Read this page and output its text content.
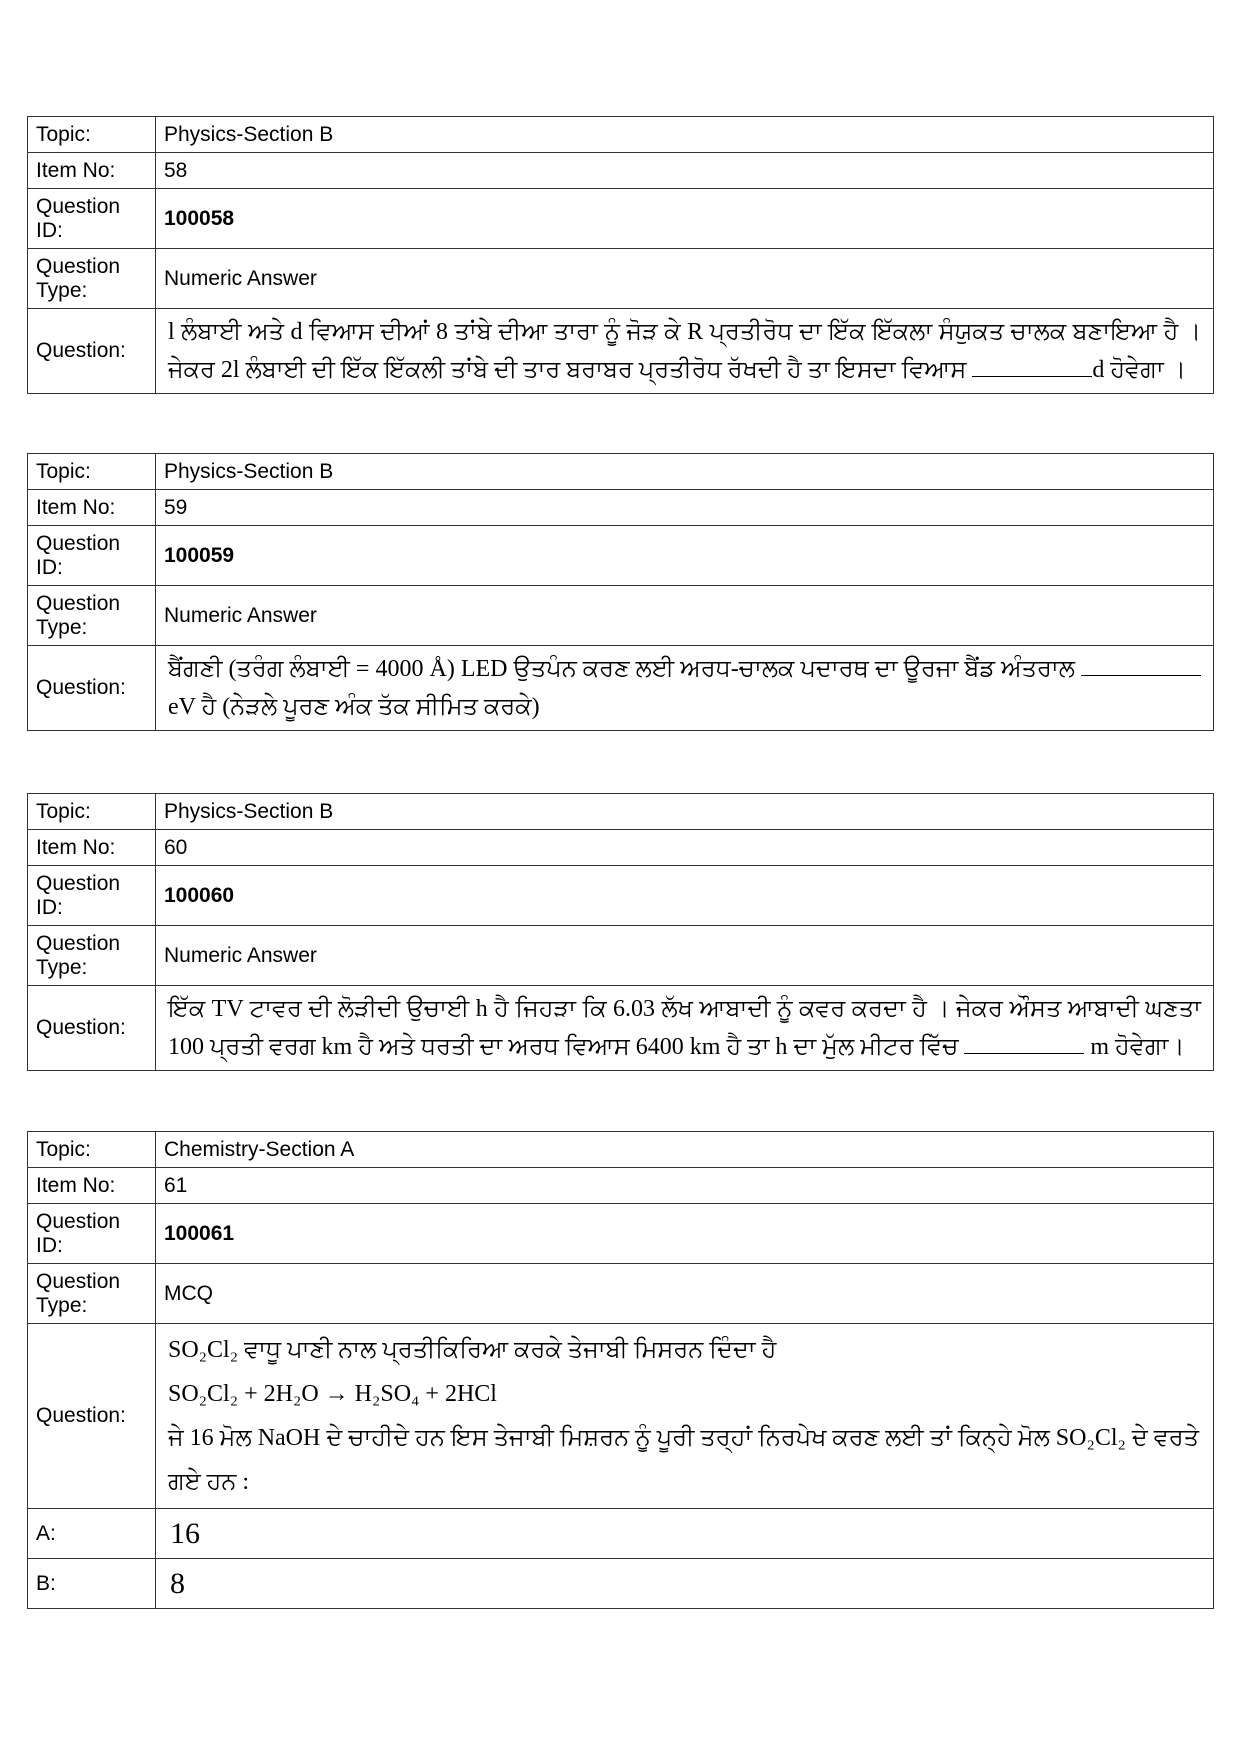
Topic:	Physics-Section B
Item No:	58
Question ID:	100058
Question Type:	Numeric Answer
Question:	l ਲੰਬਾਈ ਅਤੇ d ਵਿਆਸ ਦੀਆਂ 8 ਤਾਂਬੇ ਦੀਆ ਤਾਰਾ ਨੂੰ ਜੋੜ ਕੇ R ਪ੍ਰਤੀਰੋਧ ਦਾ ਇੱਕ ਇੱਕਲਾ ਸੰਯੁਕਤ ਚਾਲਕ ਬਣਾਇਆ ਹੈ । ਜੇਕਰ 2l ਲੰਬਾਈ ਦੀ ਇੱਕ ਇੱਕਲੀ ਤਾਂਬੇ ਦੀ ਤਾਰ ਬਰਾਬਰ ਪ੍ਰਤੀਰੋਧ ਰੱਖਦੀ ਹੈ ਤਾ ਇਸਦਾ ਵਿਆਸ d ਹੋਵੇਗਾ ।
Topic:	Physics-Section B
Item No:	59
Question ID:	100059
Question Type:	Numeric Answer
Question:	ਬੈਂਗਣੀ (ਤਰੰਗ ਲੰਬਾਈ = 4000 Å) LED ਉਤਪੰਨ ਕਰਣ ਲਈ ਅਰਧ-ਚਾਲਕ ਪਦਾਰਥ ਦਾ ਊਰਜਾ ਬੈਂਡ ਅੰਤਰਾਲ  eV ਹੈ (ਨੇੜਲੇ ਪੂਰਣ ਅੰਕ ਤੱਕ ਸੀਮਿਤ ਕਰਕੇ)
Topic:	Physics-Section B
Item No:	60
Question ID:	100060
Question Type:	Numeric Answer
Question:	ਇੱਕ TV ਟਾਵਰ ਦੀ ਲੋੜੀਦੀ ਉਚਾਈ h ਹੈ ਜਿਹੜਾ ਕਿ 6.03 ਲੱਖ ਆਬਾਦੀ ਨੂੰ ਕਵਰ ਕਰਦਾ ਹੈ । ਜੇਕਰ ਔਸਤ ਆਬਾਦੀ ਘਣਤਾ 100 ਪ੍ਰਤੀ ਵਰਗ km ਹੈ ਅਤੇ ਧਰਤੀ ਦਾ ਅਰਧ ਵਿਆਸ 6400 km ਹੈ ਤਾ h ਦਾ ਮੁੱਲ ਮੀਟਰ ਵਿੱਚ m ਹੋਵੇਗਾ।
Topic:	Chemistry-Section A
Item No:	61
Question ID:	100061
Question Type:	MCQ
Question:	SO₂Cl₂ ਵਾਧੂ ਪਾਣੀ ਨਾਲ ਪ੍ਰਤੀਕਿਰਿਆ ਕਰਕੇ ਤੇਜਾਬੀ ਮਿਸਰਨ ਦਿੰਦਾ ਹੈ
SO₂Cl₂ + 2H₂O → H₂SO₄ + 2HCl
ਜੇ 16 ਮੋਲ NaOH ਦੇ ਚਾਹੀਦੇ ਹਨ ਇਸ ਤੇਜਾਬੀ ਮਿਸ਼ਰਨ ਨੂੰ ਪੂਰੀ ਤਰ੍ਹਾਂ ਨਿਰਪੇਖ ਕਰਣ ਲਈ ਤਾਂ ਕਿਨ੍ਹੇ ਮੋਲ SO₂Cl₂ ਦੇ ਵਰਤੇ ਗਏ ਹਨ :

A:	16
B:	8
